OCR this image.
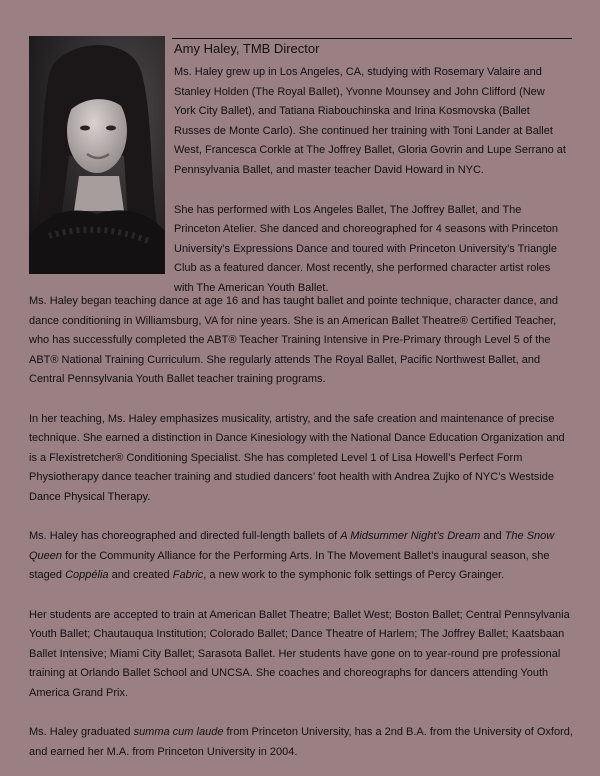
Amy Haley, TMB Director

Ms. Haley grew up in Los Angeles, CA, studying with Rosemary Valaire and Stanley Holden (The Royal Ballet), Yvonne Mounsey and John Clifford (New York City Ballet), and Tatiana Riabouchinska and Irina Kosmovska (Ballet Russes de Monte Carlo). She continued her training with Toni Lander at Ballet West, Francesca Corkle at The Joffrey Ballet, Gloria Govrin and Lupe Serrano at Pennsylvania Ballet, and master teacher David Howard in NYC.

She has performed with Los Angeles Ballet, The Joffrey Ballet, and The Princeton Atelier. She danced and choreographed for 4 seasons with Princeton University’s Expressions Dance and toured with Princeton University’s Triangle Club as a featured dancer. Most recently, she performed character artist roles with The American Youth Ballet.

Ms. Haley began teaching dance at age 16 and has taught ballet and pointe technique, character dance, and dance conditioning in Williamsburg, VA for nine years. She is an American Ballet Theatre® Certified Teacher, who has successfully completed the ABT® Teacher Training Intensive in Pre-Primary through Level 5 of the ABT® National Training Curriculum. She regularly attends The Royal Ballet, Pacific Northwest Ballet, and Central Pennsylvania Youth Ballet teacher training programs.

In her teaching, Ms. Haley emphasizes musicality, artistry, and the safe creation and maintenance of precise technique. She earned a distinction in Dance Kinesiology with the National Dance Education Organization and is a Flexistretcher® Conditioning Specialist. She has completed Level 1 of Lisa Howell’s Perfect Form Physiotherapy dance teacher training and studied dancers’ foot health with Andrea Zujko of NYC’s Westside Dance Physical Therapy.

Ms. Haley has choreographed and directed full-length ballets of A Midsummer Night’s Dream and The Snow Queen for the Community Alliance for the Performing Arts. In The Movement Ballet’s inaugural season, she staged Coppélia and created Fabric, a new work to the symphonic folk settings of Percy Grainger.

Her students are accepted to train at American Ballet Theatre; Ballet West; Boston Ballet; Central Pennsylvania Youth Ballet; Chautauqua Institution; Colorado Ballet; Dance Theatre of Harlem; The Joffrey Ballet; Kaatsbaan Ballet Intensive; Miami City Ballet; Sarasota Ballet. Her students have gone on to year-round pre professional training at Orlando Ballet School and UNCSA. She coaches and choreographs for dancers attending Youth America Grand Prix.

Ms. Haley graduated summa cum laude from Princeton University, has a 2nd B.A. from the University of Oxford, and earned her M.A. from Princeton University in 2004.
